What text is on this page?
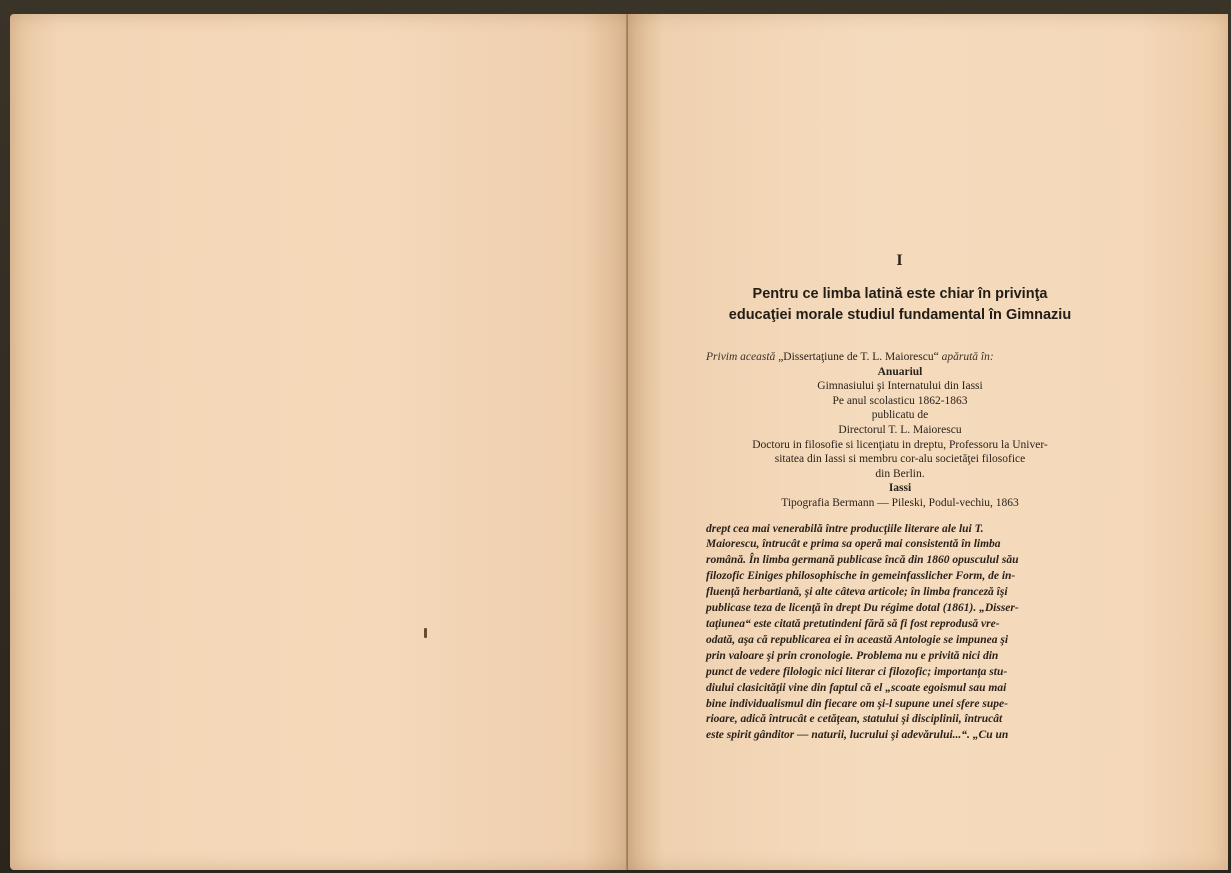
I
Pentru ce limba latină este chiar în privinţa
educaţiei morale studiul fundamental în Gimnaziu
Privim această „Dissertaţiune de T. L. Maiorescu“ apărută în:
Anuariul
Gimnasiului şi Internatului din Iassi
Pe anul scolasticu 1862-1863
publicatu de
Directorul T. L. Maiorescu
Doctoru in filosofie si licenţiatu in dreptu, Professoru la Univer-
sitatea din Iassi si membru cor-alu societăţei filosofice
din Berlin.
Iassi
Tipografia Bermann — Pileski, Podul-vechiu, 1863
drept cea mai venerabilă între producţiile literare ale lui T.
Maiorescu, întrucât e prima sa operă mai consistentă în limba
română. În limba germană publicase încă din 1860 opusculul său
filozofic Einiges philosophische in gemeinfasslicher Form, de in-
fluenţă herbartiană, şi alte câteva articole; în limba franceză îşi
publicase teza de licenţă în drept Du régime dotal (1861). „Disser-
taţiunea“ este citată pretutindeni fără să fi fost reprodusă vre-
odată, aşa că republicarea ei în această Antologie se impunea şi
prin valoare şi prin cronologie. Problema nu e privită nici din
punct de vedere filologic nici literar ci filozofic; importanţa stu-
diului clasicităţii vine din faptul că el „scoate egoismul sau mai
bine individualismul din fiecare om şi-l supune unei sfere supe-
rioare, adică întrucât e cetăţean, statului şi disciplinii, întrucât
este spirit gânditor — naturii, lucrului şi adevărului...“. „Cu un
